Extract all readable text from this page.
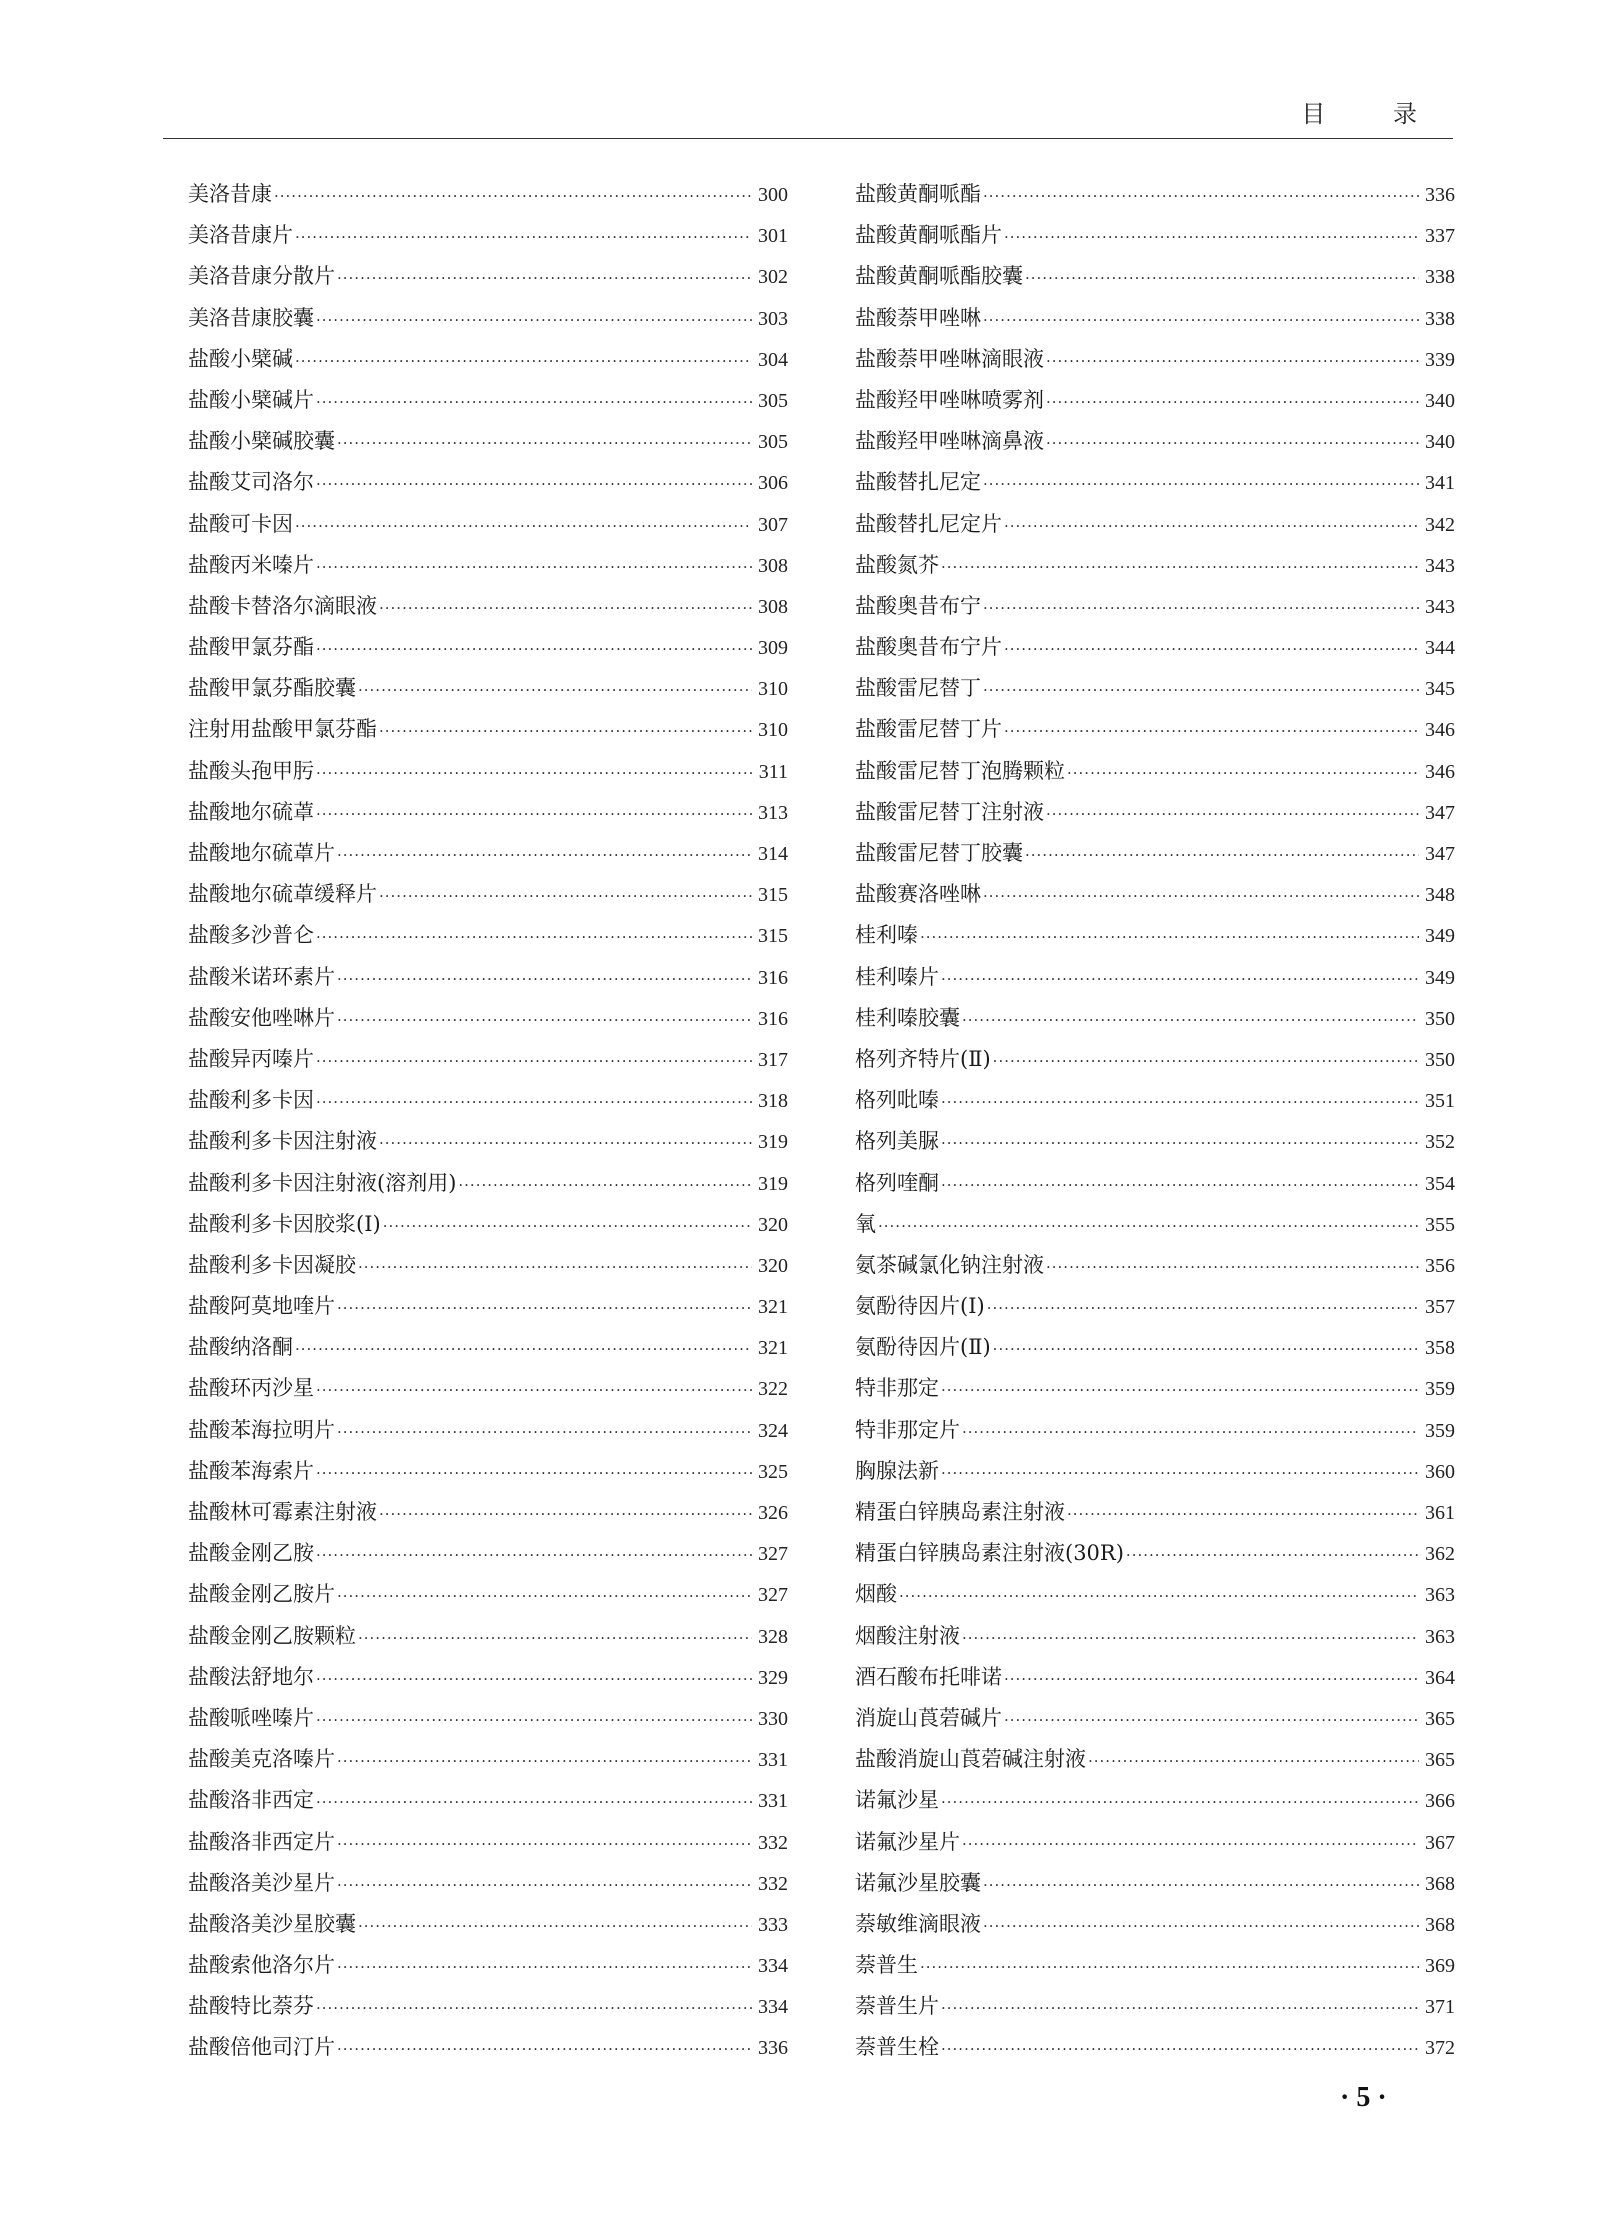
目 录
美洛昔康 ·····	300
美洛昔康片 ·····	301
美洛昔康分散片 ·····	302
美洛昔康胶囊 ·····	303
盐酸小檗碱 ·····	304
盐酸小檗碱片 ·····	305
盐酸小檗碱胶囊 ·····	305
盐酸艾司洛尔 ·····	306
盐酸可卡因 ·····	307
盐酸丙米嗪片 ·····	308
盐酸卡替洛尔滴眼液 ·····	308
盐酸甲氯芬酯 ·····	309
盐酸甲氯芬酯胶囊 ·····	310
注射用盐酸甲氯芬酯 ·····	310
盐酸头孢甲肟 ·····	311
盐酸地尔硫䓬 ·····	313
盐酸地尔硫䓬片 ·····	314
盐酸地尔硫䓬缓释片 ·····	315
盐酸多沙普仑 ·····	315
盐酸米诺环素片 ·····	316
盐酸安他唑啉片 ·····	316
盐酸异丙嗪片 ·····	317
盐酸利多卡因 ·····	318
盐酸利多卡因注射液 ·····	319
盐酸利多卡因注射液(溶剂用) ·····	319
盐酸利多卡因胶浆(Ⅰ) ·····	320
盐酸利多卡因凝胶 ·····	320
盐酸阿莫地喹片 ·····	321
盐酸纳洛酮 ·····	321
盐酸环丙沙星 ·····	322
盐酸苯海拉明片 ·····	324
盐酸苯海索片 ·····	325
盐酸林可霉素注射液 ·····	326
盐酸金刚乙胺 ·····	327
盐酸金刚乙胺片 ·····	327
盐酸金刚乙胺颗粒 ·····	328
盐酸法舒地尔 ·····	329
盐酸哌唑嗪片 ·····	330
盐酸美克洛嗪片 ·····	331
盐酸洛非西定 ·····	331
盐酸洛非西定片 ·····	332
盐酸洛美沙星片 ·····	332
盐酸洛美沙星胶囊 ·····	333
盐酸索他洛尔片 ·····	334
盐酸特比萘芬 ·····	334
盐酸倍他司汀片 ·····	336
盐酸黄酮哌酯 ·····	336
盐酸黄酮哌酯片 ·····	337
盐酸黄酮哌酯胶囊 ·····	338
盐酸萘甲唑啉 ·····	338
盐酸萘甲唑啉滴眼液 ·····	339
盐酸羟甲唑啉喷雾剂 ·····	340
盐酸羟甲唑啉滴鼻液 ·····	340
盐酸替扎尼定 ·····	341
盐酸替扎尼定片 ·····	342
盐酸氮芥 ·····	343
盐酸奥昔布宁 ·····	343
盐酸奥昔布宁片 ·····	344
盐酸雷尼替丁 ·····	345
盐酸雷尼替丁片 ·····	346
盐酸雷尼替丁泡腾颗粒 ·····	346
盐酸雷尼替丁注射液 ·····	347
盐酸雷尼替丁胶囊 ·····	347
盐酸赛洛唑啉 ·····	348
桂利嗪 ·····	349
桂利嗪片 ·····	349
桂利嗪胶囊 ·····	350
格列齐特片(Ⅱ) ·····	350
格列吡嗪 ·····	351
格列美脲 ·····	352
格列喹酮 ·····	354
氧 ·····	355
氨茶碱氯化钠注射液 ·····	356
氨酚待因片(Ⅰ) ·····	357
氨酚待因片(Ⅱ) ·····	358
特非那定 ·····	359
特非那定片 ·····	359
胸腺法新 ·····	360
精蛋白锌胰岛素注射液 ·····	361
精蛋白锌胰岛素注射液(30R) ·····	362
烟酸 ·····	363
烟酸注射液 ·····	363
酒石酸布托啡诺 ·····	364
消旋山莨菪碱片 ·····	365
盐酸消旋山莨菪碱注射液 ·····	365
诺氟沙星 ·····	366
诺氟沙星片 ·····	367
诺氟沙星胶囊 ·····	368
萘敏维滴眼液 ·····	368
萘普生 ·····	369
萘普生片 ·····	371
萘普生栓 ·····	372
· 5 ·
